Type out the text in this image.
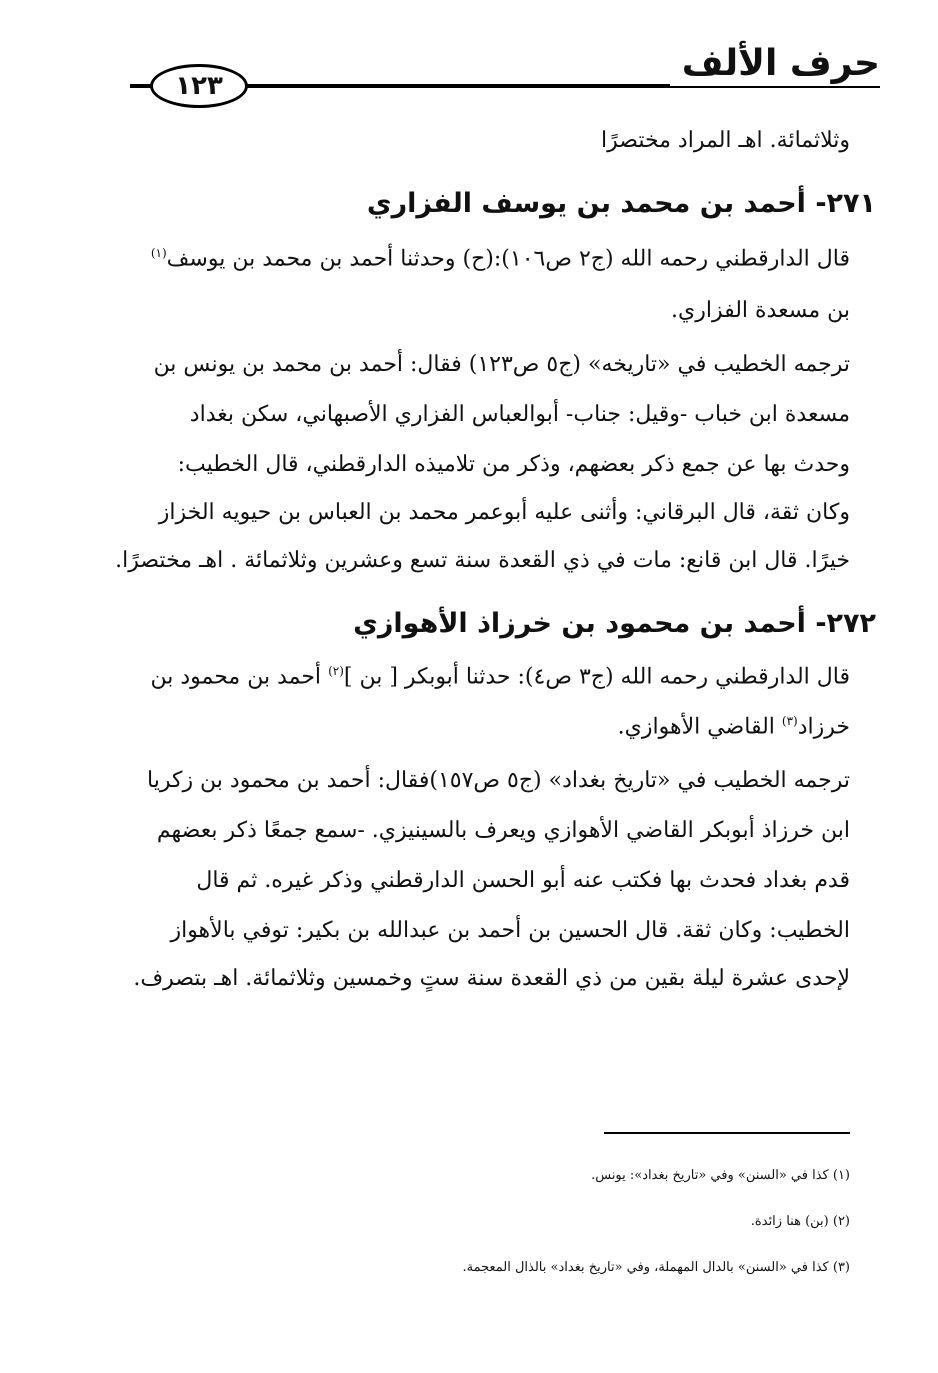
حرف الألف
١٢٣
وثلاثمائة. اهـ المراد مختصرًا
٢٧١- أحمد بن محمد بن يوسف الفزاري
قال الدارقطني رحمه الله (ج٢ ص١٠٦):(ح) وحدثنا أحمد بن محمد بن يوسف$^{(١)}$
بن مسعدة الفزاري.
ترجمه الخطيب في «تاريخه» (ج٥ ص١٢٣) فقال: أحمد بن محمد بن يونس بن
مسعدة ابن خباب -وقيل: جناب- أبوالعباس الفزاري الأصبهاني، سكن بغداد
وحدث بها عن جمع ذكر بعضهم، وذكر من تلاميذه الدارقطني، قال الخطيب:
وكان ثقة، قال البرقاني: وأثنى عليه أبوعمر محمد بن العباس بن حيويه الخزاز
خيرًا. قال ابن قانع: مات في ذي القعدة سنة تسع وعشرين وثلاثمائة . اهـ مختصرًا.
٢٧٢- أحمد بن محمود بن خرزاذ الأهوازي
قال الدارقطني رحمه الله (ج٣ ص٤): حدثنا أبوبكر [ بن ]$^{(٢)}$ أحمد بن محمود بن
خرزاد$^{(٣)}$ القاضي الأهوازي.
ترجمه الخطيب في «تاريخ بغداد» (ج٥ ص١٥٧)فقال: أحمد بن محمود بن زكريا
ابن خرزاذ أبوبكر القاضي الأهوازي ويعرف بالسينيزي. -سمع جمعًا ذكر بعضهم
قدم بغداد فحدث بها فكتب عنه أبو الحسن الدارقطني وذكر غيره. ثم قال
الخطيب: وكان ثقة. قال الحسين بن أحمد بن عبدالله بن بكير: توفي بالأهواز
لإحدى عشرة ليلة بقين من ذي القعدة سنة ستٍ وخمسين وثلاثمائة. اهـ بتصرف.
(١) كذا في «السنن» وفي «تاريخ بغداد»: يونس.
(٢) (بن) هنا زائدة.
(٣) كذا في «السنن» بالدال المهملة، وفي «تاريخ بغداد» بالذال المعجمة.
